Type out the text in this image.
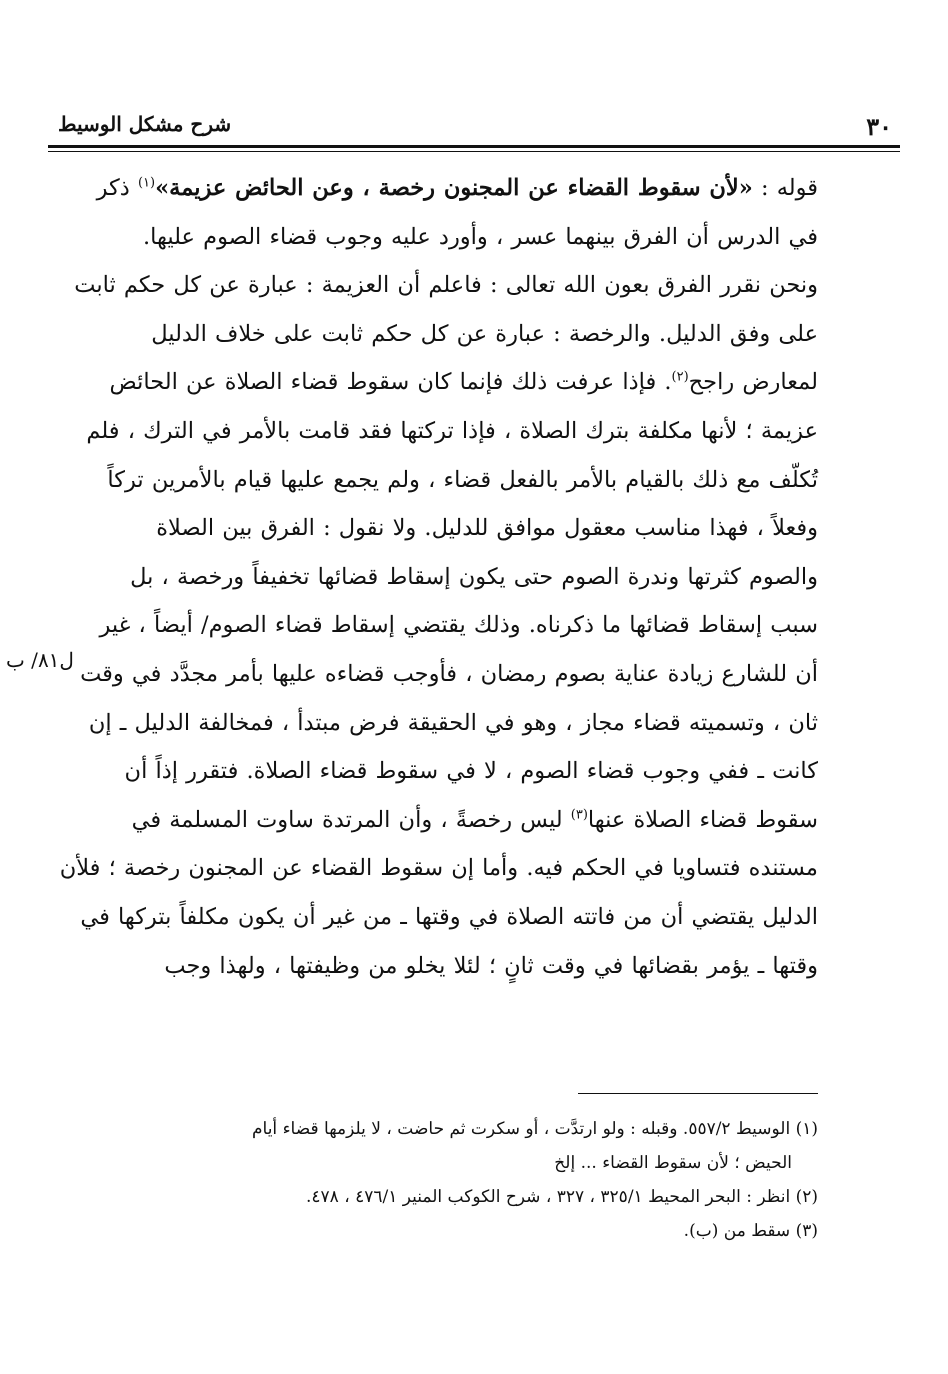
٣٠
شرح مشكل الوسيط
ل٨١/ ب
قوله : «لأن سقوط القضاء عن المجنون رخصة ، وعن الحائض عزيمة»$^{(١)}$ ذكر
في الدرس أن الفرق بينهما عسر ، وأورد عليه وجوب قضاء الصوم عليها.
ونحن نقرر الفرق بعون الله تعالى : فاعلم أن العزيمة : عبارة عن كل حكم ثابت
على وفق الدليل. والرخصة : عبارة عن كل حكم ثابت على خلاف الدليل
لمعارض راجح$^{(٢)}$. فإذا عرفت ذلك فإنما كان سقوط قضاء الصلاة عن الحائض
عزيمة ؛ لأنها مكلفة بترك الصلاة ، فإذا تركتها فقد قامت بالأمر في الترك ، فلم
تُكلّف مع ذلك بالقيام بالأمر بالفعل قضاء ، ولم يجمع عليها قيام بالأمرين تركاً
وفعلاً ، فهذا مناسب معقول موافق للدليل. ولا نقول : الفرق بين الصلاة
والصوم كثرتها وندرة الصوم حتى يكون إسقاط قضائها تخفيفاً ورخصة ، بل
سبب إسقاط قضائها ما ذكرناه. وذلك يقتضي إسقاط قضاء الصوم/ أيضاً ، غير
أن للشارع زيادة عناية بصوم رمضان ، فأوجب قضاءه عليها بأمر مجدَّد في وقت
ثان ، وتسميته قضاء مجاز ، وهو في الحقيقة فرض مبتدأ ، فمخالفة الدليل ـ إن
كانت ـ ففي وجوب قضاء الصوم ، لا في سقوط قضاء الصلاة. فتقرر إذاً أن
سقوط قضاء الصلاة عنها$^{(٣)}$ ليس رخصةً ، وأن المرتدة ساوت المسلمة في
مستنده فتساويا في الحكم فيه. وأما إن سقوط القضاء عن المجنون رخصة ؛ فلأن
الدليل يقتضي أن من فاتته الصلاة في وقتها ـ من غير أن يكون مكلفاً بتركها في
وقتها ـ يؤمر بقضائها في وقت ثانٍ ؛ لئلا يخلو من وظيفتها ، ولهذا وجب
(١) الوسيط ٥٥٧/٢. وقبله : ولو ارتدَّت ، أو سكرت ثم حاضت ، لا يلزمها قضاء أيام
الحيض ؛ لأن سقوط القضاء ... إلخ
(٢) انظر : البحر المحيط ٣٢٥/١ ، ٣٢٧ ، شرح الكوكب المنير ٤٧٦/١ ، ٤٧٨.
(٣) سقط من (ب).
